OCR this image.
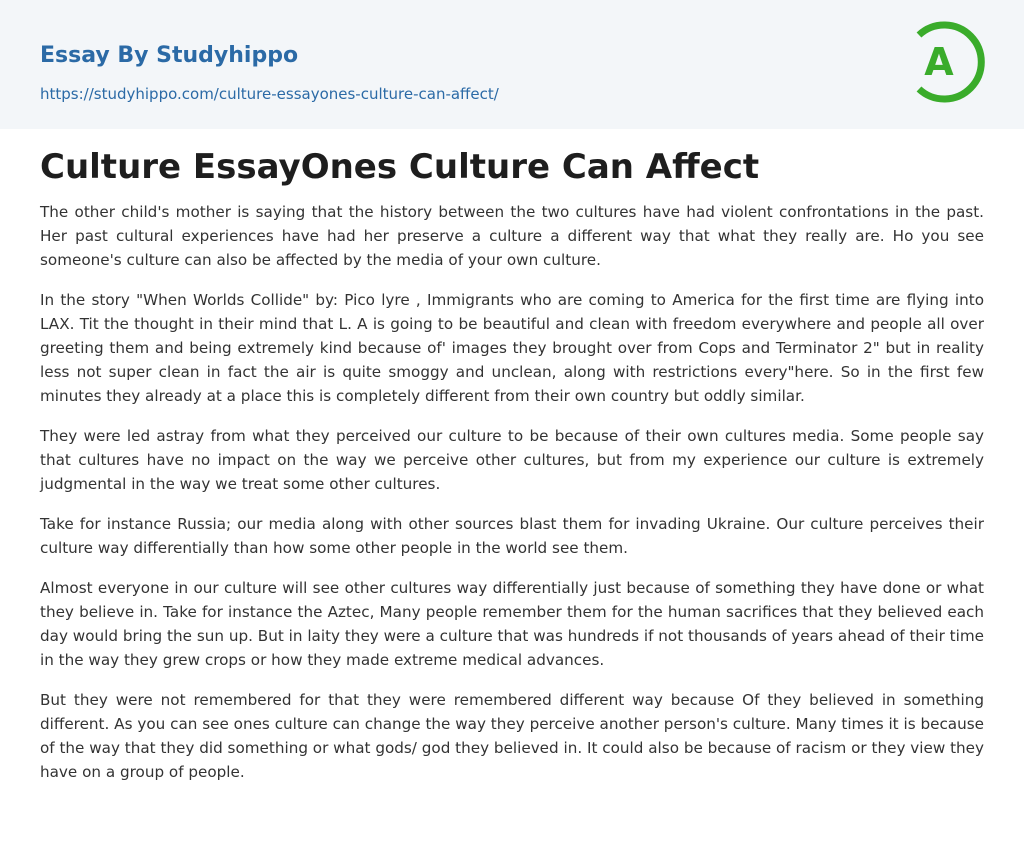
Essay By Studyhippo
https://studyhippo.com/culture-essayones-culture-can-affect/
A
Culture EssayOnes Culture Can Affect

The other child's mother is saying that the history between the two cultures have had violent confrontations in the past. Her past cultural experiences have had her preserve a culture a different way that what they really are. Ho you see someone's culture can also be affected by the media of your own culture.

In the story "When Worlds Collide" by: Pico lyre , Immigrants who are coming to America for the first time are flying into LAX. Tit the thought in their mind that L. A is going to be beautiful and clean with freedom everywhere and people all over greeting them and being extremely kind because of' images they brought over from Cops and Terminator 2" but in reality less not super clean in fact the air is quite smoggy and unclean, along with restrictions every"here. So in the first few minutes they already at a place this is completely different from their own country but oddly similar.

They were led astray from what they perceived our culture to be because of their own cultures media. Some people say that cultures have no impact on the way we perceive other cultures, but from my experience our culture is extremely judgmental in the way we treat some other cultures.

Take for instance Russia; our media along with other sources blast them for invading Ukraine. Our culture perceives their culture way differentially than how some other people in the world see them.

Almost everyone in our culture will see other cultures way differentially just because of something they have done or what they believe in. Take for instance the Aztec, Many people remember them for the human sacrifices that they believed each day would bring the sun up. But in laity they were a culture that was hundreds if not thousands of years ahead of their time in the way they grew crops or how they made extreme medical advances.

But they were not remembered for that they were remembered different way because Of they believed in something different. As you can see ones culture can change the way they perceive another person's culture. Many times it is because of the way that they did something or what gods/ god they believed in. It could also be because of racism or they view they have on a group of people.
